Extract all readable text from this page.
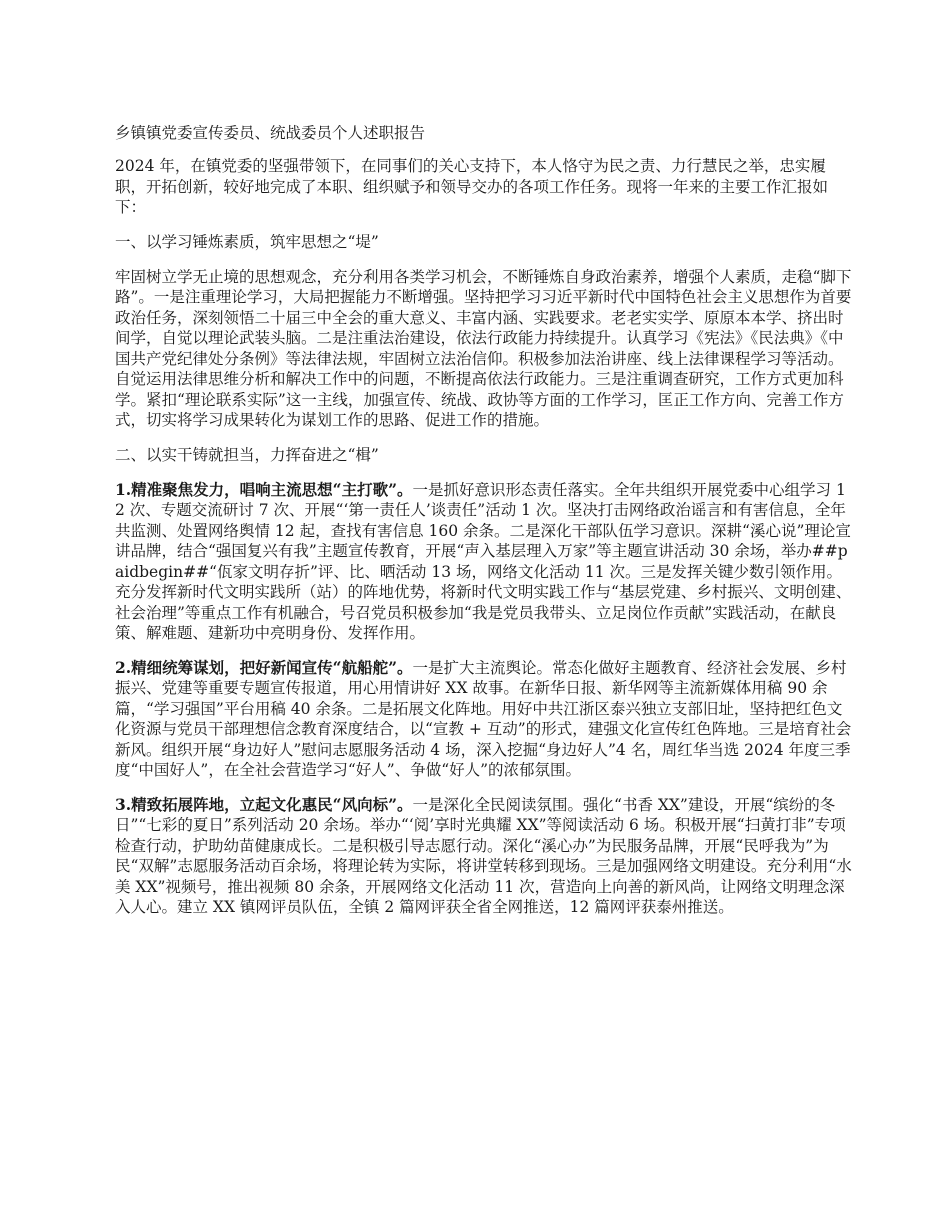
乡镇镇党委宣传委员、统战委员个人述职报告

2024 年，在镇党委的坚强带领下，在同事们的关心支持下，本人恪守为民之责、力行慧民之举，忠实履职，开拓创新，较好地完成了本职、组织赋予和领导交办的各项工作任务。现将一年来的主要工作汇报如下：

一、以学习锤炼素质，筑牢思想之“堤”

牢固树立学无止境的思想观念，充分利用各类学习机会，不断锤炼自身政治素养，增强个人素质，走稳“脚下路”。一是注重理论学习，大局把握能力不断增强。坚持把学习习近平新时代中国特色社会主义思想作为首要政治任务，深刻领悟二十届三中全会的重大意义、丰富内涵、实践要求。老老实实学、原原本本学、挤出时间学，自觉以理论武装头脑。二是注重法治建设，依法行政能力持续提升。认真学习《宪法》《民法典》《中国共产党纪律处分条例》等法律法规，牢固树立法治信仰。积极参加法治讲座、线上法律课程学习等活动。自觉运用法律思维分析和解决工作中的问题，不断提高依法行政能力。三是注重调查研究，工作方式更加科学。紧扣“理论联系实际”这一主线，加强宣传、统战、政协等方面的工作学习，匡正工作方向、完善工作方式，切实将学习成果转化为谋划工作的思路、促进工作的措施。

二、以实干铸就担当，力挥奋进之“楫”

1.精准聚焦发力，唱响主流思想“主打歌”。一是抓好意识形态责任落实。全年共组织开展党委中心组学习 12 次、专题交流研讨 7 次、开展“‘第一责任人’谈责任”活动 1 次。坚决打击网络政治谣言和有害信息，全年共监测、处置网络舆情 12 起，查找有害信息 160 余条。二是深化干部队伍学习意识。深耕“溪心说”理论宣讲品牌，结合“强国复兴有我”主题宣传教育，开展“声入基层理入万家”等主题宣讲活动 30 余场，举办##paidbegin##“佤家文明存折”评、比、晒活动 13 场，网络文化活动 11 次。三是发挥关键少数引领作用。充分发挥新时代文明实践所（站）的阵地优势，将新时代文明实践工作与“基层党建、乡村振兴、文明创建、社会治理”等重点工作有机融合，号召党员积极参加“我是党员我带头、立足岗位作贡献”实践活动，在献良策、解难题、建新功中亮明身份、发挥作用。

2.精细统筹谋划，把好新闻宣传“航船舵”。一是扩大主流舆论。常态化做好主题教育、经济社会发展、乡村振兴、党建等重要专题宣传报道，用心用情讲好 XX 故事。在新华日报、新华网等主流新媒体用稿 90 余篇，“学习强国”平台用稿 40 余条。二是拓展文化阵地。用好中共江浙区泰兴独立支部旧址，坚持把红色文化资源与党员干部理想信念教育深度结合，以“宣教 + 互动”的形式，建强文化宣传红色阵地。三是培育社会新风。组织开展“身边好人”慰问志愿服务活动 4 场，深入挖掘“身边好人”4 名，周红华当选 2024 年度三季度“中国好人”，在全社会营造学习“好人”、争做“好人”的浓郁氛围。

3.精致拓展阵地，立起文化惠民“风向标”。一是深化全民阅读氛围。强化“书香 XX”建设，开展“缤纷的冬日”“七彩的夏日”系列活动 20 余场。举办“‘阅’享时光典耀 XX”等阅读活动 6 场。积极开展“扫黄打非”专项检查行动，护助幼苗健康成长。二是积极引导志愿行动。深化“溪心办”为民服务品牌，开展“民呼我为”为民“双解”志愿服务活动百余场，将理论转为实际，将讲堂转移到现场。三是加强网络文明建设。充分利用“水美 XX”视频号，推出视频 80 余条，开展网络文化活动 11 次，营造向上向善的新风尚，让网络文明理念深入人心。建立 XX 镇网评员队伍，全镇 2 篇网评获全省全网推送，12 篇网评获泰州推送。
